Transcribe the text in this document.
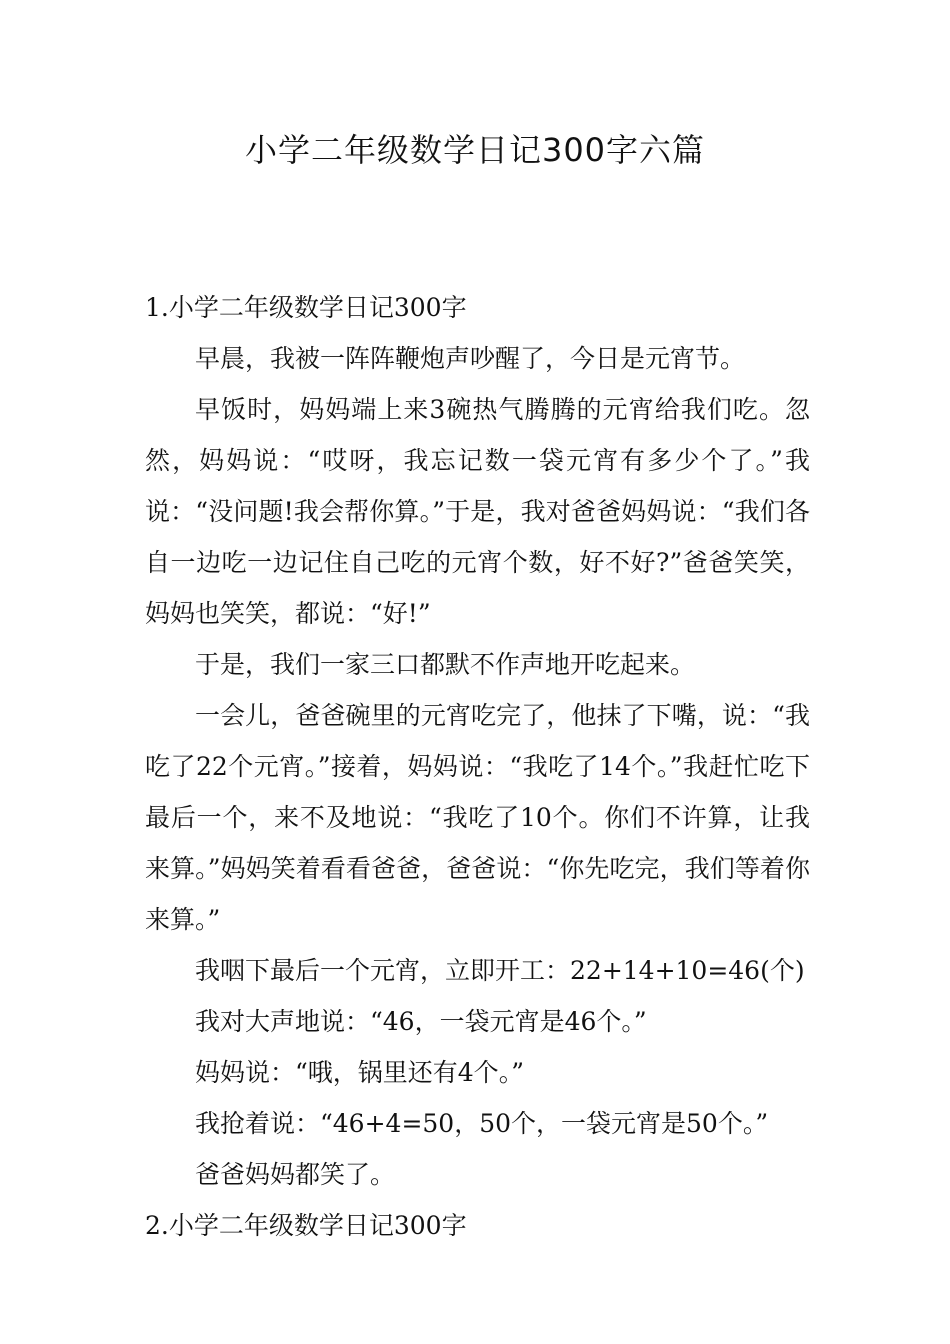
小学二年级数学日记300字六篇

1.小学二年级数学日记300字

早晨，我被一阵阵鞭炮声吵醒了，今日是元宵节。

早饭时，妈妈端上来3碗热气腾腾的元宵给我们吃。忽然，妈妈说：“哎呀，我忘记数一袋元宵有多少个了。”我说：“没问题!我会帮你算。”于是，我对爸爸妈妈说：“我们各自一边吃一边记住自己吃的元宵个数，好不好?”爸爸笑笑，妈妈也笑笑，都说：“好!”

于是，我们一家三口都默不作声地开吃起来。

一会儿，爸爸碗里的元宵吃完了，他抹了下嘴，说：“我吃了22个元宵。”接着，妈妈说：“我吃了14个。”我赶忙吃下最后一个，来不及地说：“我吃了10个。你们不许算，让我来算。”妈妈笑着看看爸爸，爸爸说：“你先吃完，我们等着你来算。”

我咽下最后一个元宵，立即开工：22+14+10=46(个)

我对大声地说：“46，一袋元宵是46个。”

妈妈说：“哦，锅里还有4个。”

我抢着说：“46+4=50，50个，一袋元宵是50个。”

爸爸妈妈都笑了。

2.小学二年级数学日记300字
